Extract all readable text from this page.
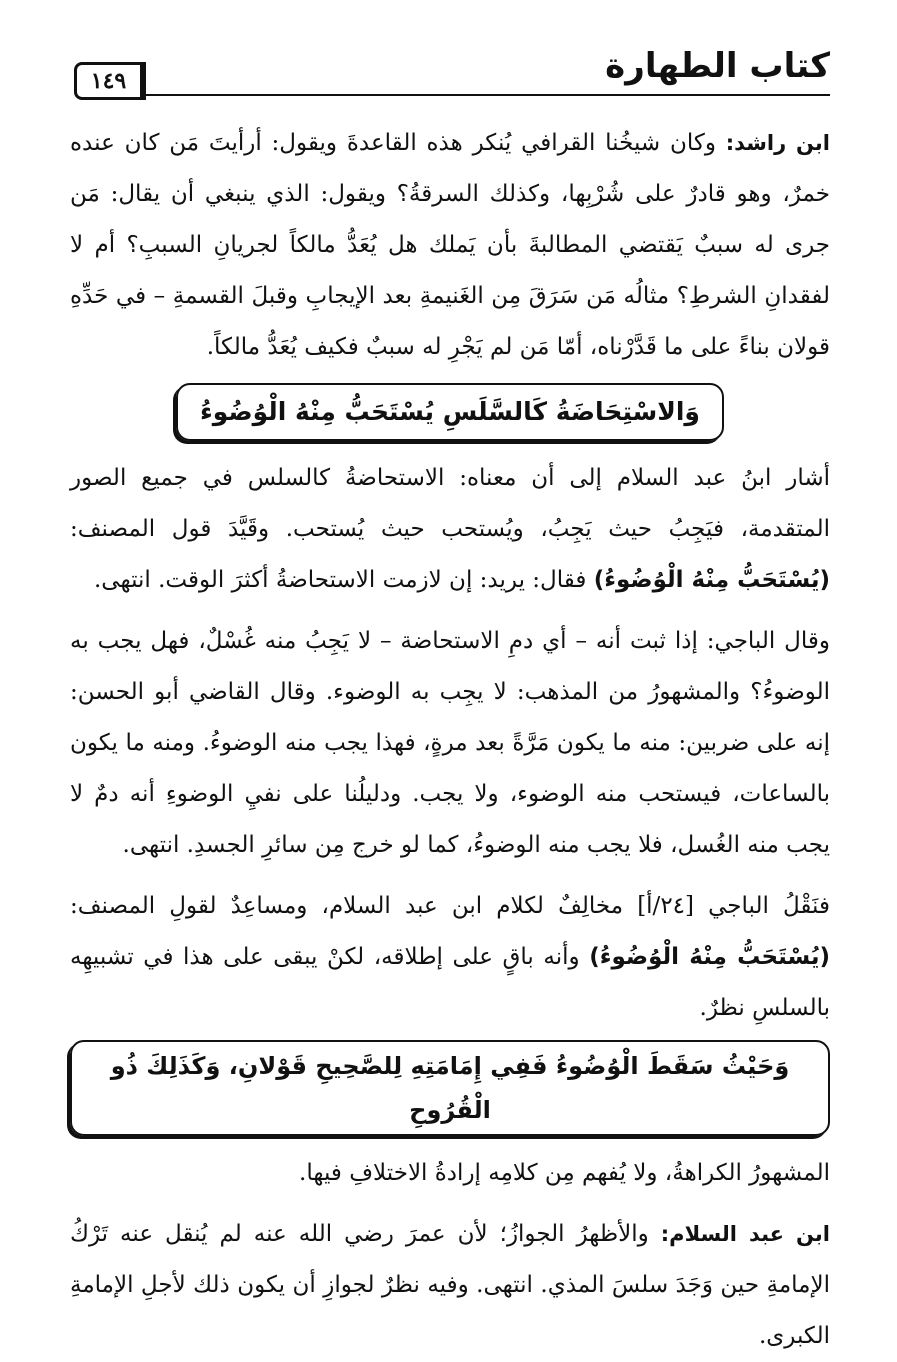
كتاب الطهارة
١٤٩

ابن راشد: وكان شيخُنا القرافي يُنكر هذه القاعدةَ ويقول: أرأيتَ مَن كان عنده خمرٌ، وهو قادرٌ على شُرْبِها، وكذلك السرقةُ؟ ويقول: الذي ينبغي أن يقال: مَن جرى له سببٌ يَقتضي المطالبةَ بأن يَملك هل يُعَدُّ مالكاً لجريانِ السببِ؟ أم لا لفقدانِ الشرطِ؟ مثالُه مَن سَرَقَ مِن الغَنيمةِ بعد الإيجابِ وقبلَ القسمةِ – في حَدِّهِ قولان بناءً على ما قَدَّرْناه، أمّا مَن لم يَجْرِ له سببٌ فكيف يُعَدُّ مالكاً.

وَالاسْتِحَاضَةُ كَالسَّلَسِ يُسْتَحَبُّ مِنْهُ الْوُضُوءُ

أشار ابنُ عبد السلام إلى أن معناه: الاستحاضةُ كالسلس في جميع الصور المتقدمة، فيَجِبُ حيث يَجِبُ، ويُستحب حيث يُستحب. وقَيَّدَ قول المصنف: (يُسْتَحَبُّ مِنْهُ الْوُضُوءُ) فقال: يريد: إن لازمت الاستحاضةُ أكثرَ الوقت. انتهى.

وقال الباجي: إذا ثبت أنه – أي دمِ الاستحاضة – لا يَجِبُ منه غُسْلٌ، فهل يجب به الوضوءُ؟ والمشهورُ من المذهب: لا يجِب به الوضوء. وقال القاضي أبو الحسن: إنه على ضربين: منه ما يكون مَرَّةً بعد مرةٍ، فهذا يجب منه الوضوءُ. ومنه ما يكون بالساعات، فيستحب منه الوضوء، ولا يجب. ودليلُنا على نفيِ الوضوءِ أنه دمٌ لا يجب منه الغُسل، فلا يجب منه الوضوءُ، كما لو خرج مِن سائرِ الجسدِ. انتهى.

فنَقْلُ الباجي [٢٤/أ] مخالِفٌ لكلام ابن عبد السلام، ومساعِدٌ لقولِ المصنف: (يُسْتَحَبُّ مِنْهُ الْوُضُوءُ) وأنه باقٍ على إطلاقه، لكنْ يبقى على هذا في تشبيهِه بالسلسِ نظرٌ.

وَحَيْثُ سَقَطَ الْوُضُوءُ فَفِي إِمَامَتِهِ لِلصَّحِيحِ قَوْلانِ، وَكَذَلِكَ ذُو الْقُرُوحِ

المشهورُ الكراهةُ، ولا يُفهم مِن كلامِه إرادةُ الاختلافِ فيها.

ابن عبد السلام: والأظهرُ الجوازُ؛ لأن عمرَ رضي الله عنه لم يُنقل عنه تَرْكُ الإمامةِ حين وَجَدَ سلسَ المذي. انتهى. وفيه نظرٌ لجوازِ أن يكون ذلك لأجلِ الإمامةِ الكبرى.
